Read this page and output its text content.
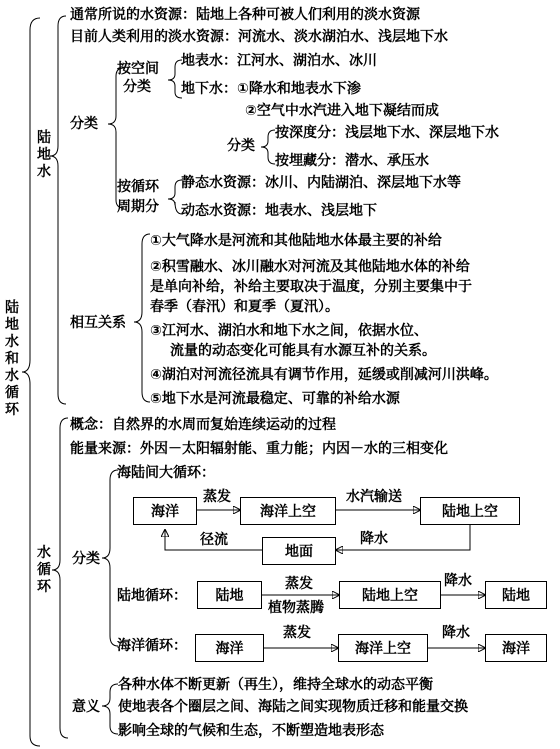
陆地水和水循环
陆地水
通常所说的水资源：陆地上各种可被人们利用的淡水资源
目前人类利用的淡水资源：河流水、淡水湖泊水、浅层地下水
分类
按空间
分类
地表水：江河水、湖泊水、冰川
地下水：①降水和地表水下渗
②空气中水汽进入地下凝结而成
分类
按深度分：浅层地下水、深层地下水
按埋藏分：潜水、承压水
按循环
周期分
静态水资源：冰川、内陆湖泊、深层地下水等
动态水资源：地表水、浅层地下
相互关系
①大气降水是河流和其他陆地水体最主要的补给
②积雪融水、冰川融水对河流及其他陆地水体的补给
是单向补给，补给主要取决于温度，分别主要集中于
春季（春汛）和夏季（夏汛）。
③江河水、湖泊水和地下水之间，依据水位、
流量的动态变化可能具有水源互补的关系。
④湖泊对河流径流具有调节作用，延缓或削减河川洪峰。
⑤地下水是河流最稳定、可靠的补给水源
水循环
概念：自然界的水周而复始连续运动的过程
能量来源：外因－太阳辐射能、重力能；内因－水的三相变化
分类
海陆间大循环：
海洋
蒸发
海洋上空
水汽输送
陆地上空
降水
地面
径流
陆地循环：	陆地
蒸发
植物蒸腾
陆地上空
降水
陆地
海洋循环：	海洋
蒸发
海洋上空
降水
海洋
意义
各种水体不断更新（再生），维持全球水的动态平衡
使地表各个圈层之间、海陆之间实现物质迁移和能量交换
影响全球的气候和生态，不断塑造地表形态
